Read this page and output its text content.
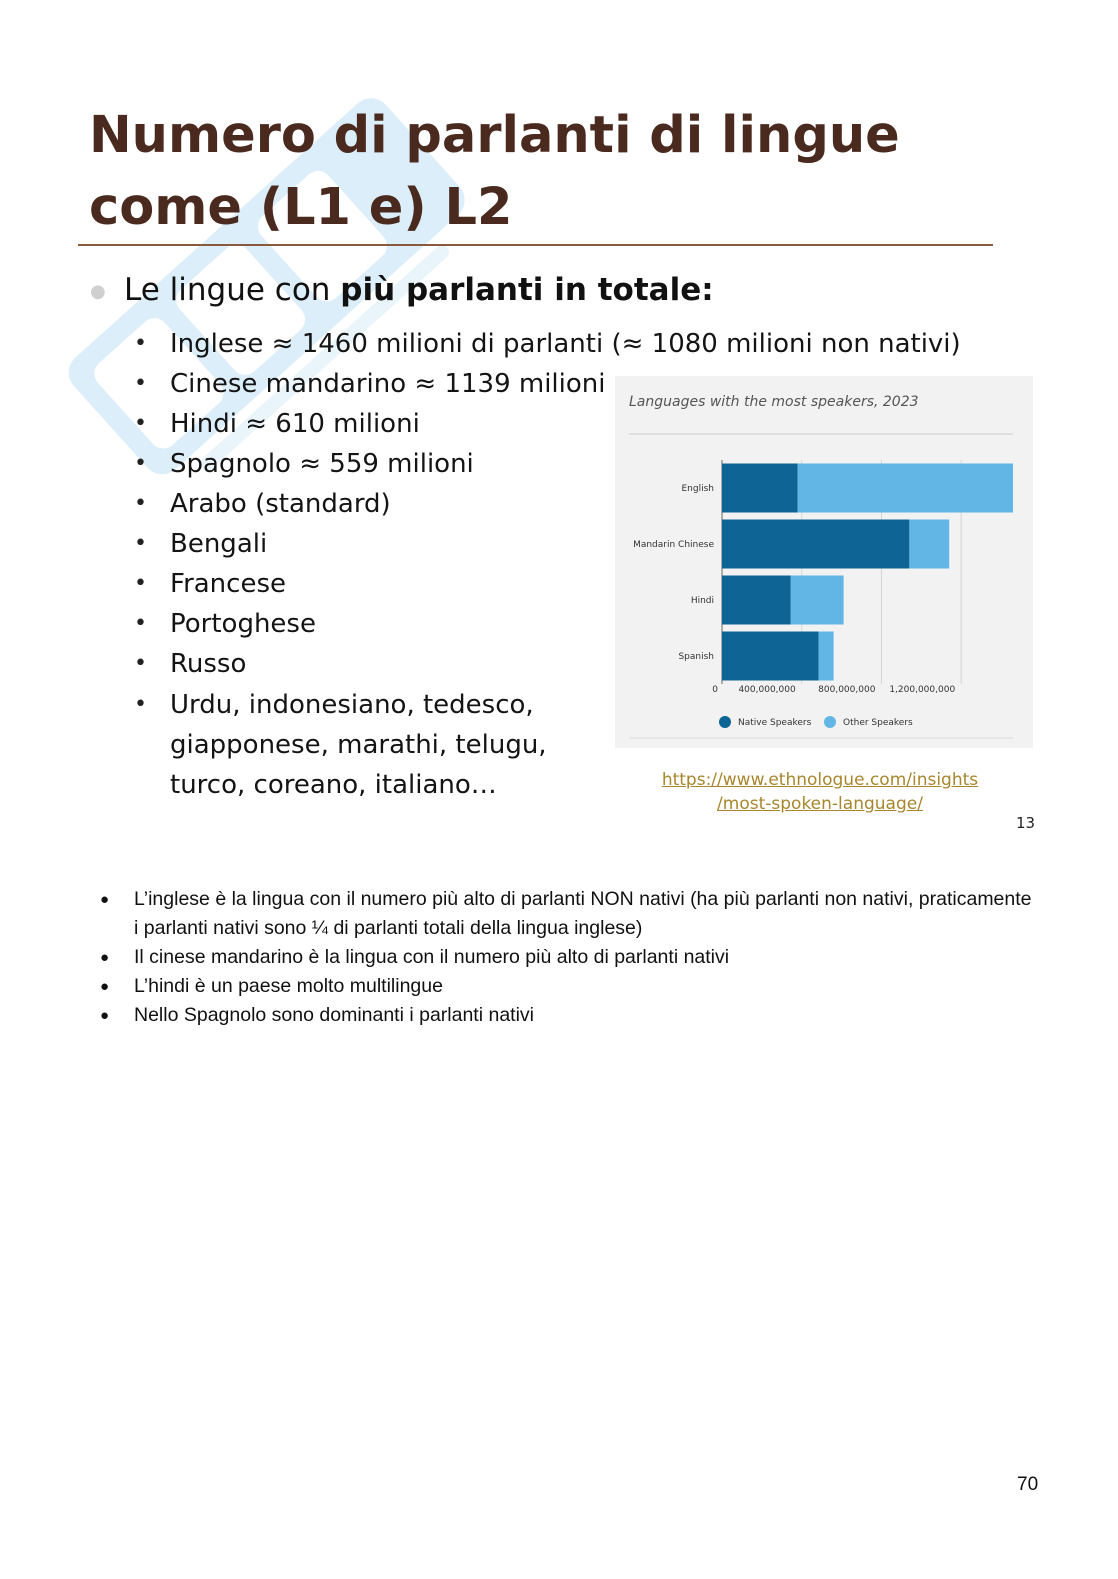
Numero di parlanti di lingue
come (L1 e) L2
● Le lingue con più parlanti in totale:
• Inglese ≈ 1460 milioni di parlanti (≈ 1080 milioni non nativi)
• Cinese mandarino ≈ 1139 milioni
• Hindi ≈ 610 milioni
• Spagnolo ≈ 559 milioni
• Arabo (standard)
• Bengali
• Francese
• Portoghese
• Russo
• Urdu, indonesiano, tedesco,
giapponese, marathi, telugu,
turco, coreano, italiano…
Languages with the most speakers, 2023
0 400,000,000 800,000,000 1,200,000,000
English
Mandarin Chinese
Hindi
Spanish
Native Speakers	Other Speakers
https://www.ethnologue.com/insights
/most-spoken-language/
13
● L’inglese è la lingua con il numero più alto di parlanti NON nativi (ha più parlanti non nativi, praticamente i parlanti nativi sono ¼ di parlanti totali della lingua inglese)
● Il cinese mandarino è la lingua con il numero più alto di parlanti nativi
● L’hindi è un paese molto multilingue
● Nello Spagnolo sono dominanti i parlanti nativi
70
